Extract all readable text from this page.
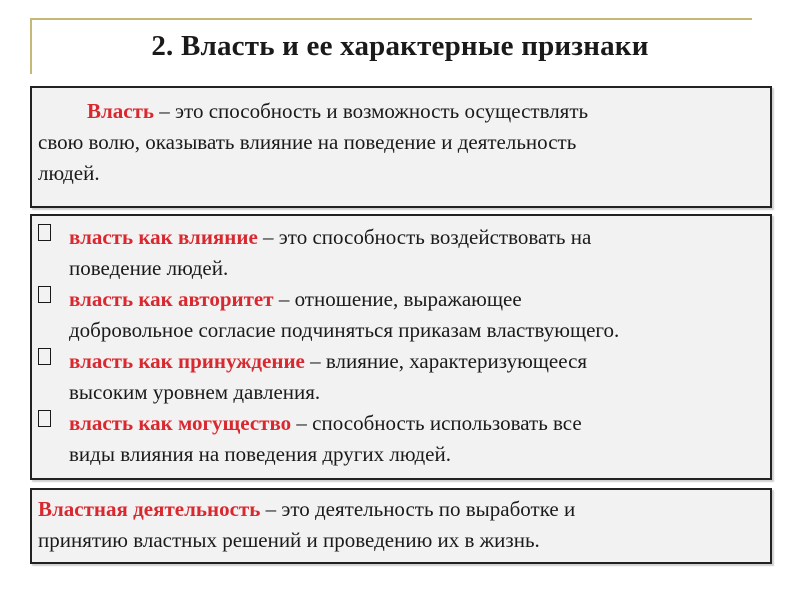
2. Власть и ее характерные признаки
Власть – это способность и возможность осуществлять
свою волю, оказывать влияние на поведение и деятельность
людей.
власть как влияние – это способность воздействовать на
поведение людей.
власть как авторитет – отношение, выражающее
добровольное согласие подчиняться приказам властвующего.
власть как принуждение – влияние, характеризующееся
высоким уровнем давления.
власть как могущество – способность использовать все
виды влияния на поведения других людей.
Властная деятельность – это деятельность по выработке и
принятию властных решений и проведению их в жизнь.
